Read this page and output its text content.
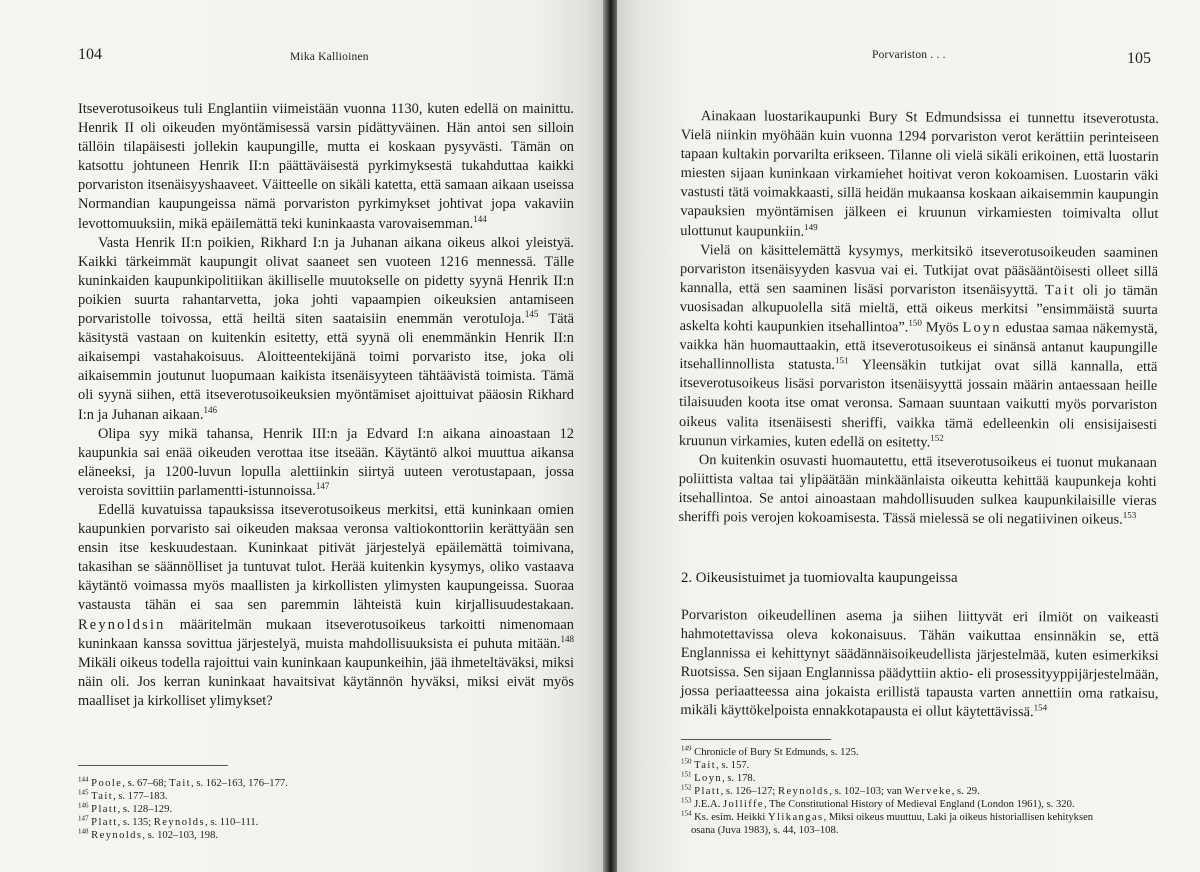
104	Mika Kallioinen

Itseverotusoikeus tuli Englantiin viimeistään vuonna 1130, kuten edellä on mainittu. Henrik II oli oikeuden myöntämisessä varsin pidättyväinen. Hän antoi sen silloin tällöin tilapäisesti jollekin kaupungille, mutta ei koskaan pysyvästi. Tämän on katsottu johtuneen Henrik II:n päättäväisestä pyrkimyksestä tukahduttaa kaikki porvariston itsenäisyyshaaveet. Väitteelle on sikäli katetta, että samaan aikaan useissa Normandian kaupungeissa nämä porvariston pyrkimykset johtivat jopa vakaviin levottomuuksiin, mikä epäilemättä teki kuninkaasta varovaisemman.$^{144}$

Vasta Henrik II:n poikien, Rikhard I:n ja Juhanan aikana oikeus alkoi yleistyä. Kaikki tärkeimmät kaupungit olivat saaneet sen vuoteen 1216 mennessä. Tälle kuninkaiden kaupunkipolitiikan äkilliselle muutokselle on pidetty syynä Henrik II:n poikien suurta rahantarvetta, joka johti vapaampien oikeuksien antamiseen porvaristolle toivossa, että heiltä siten saataisiin enemmän verotuloja.$^{145}$ Tätä käsitystä vastaan on kuitenkin esitetty, että syynä oli enemmänkin Henrik II:n aikaisempi vastahakoisuus. Aloitteentekijänä toimi porvaristo itse, joka oli aikaisemmin joutunut luopumaan kaikista itsenäisyyteen tähtäävistä toimista. Tämä oli syynä siihen, että itseverotusoikeuksien myöntämiset ajoittuivat pääosin Rikhard I:n ja Juhanan aikaan.$^{146}$

Olipa syy mikä tahansa, Henrik III:n ja Edvard I:n aikana ainoastaan 12 kaupunkia sai enää oikeuden verottaa itse itseään. Käytäntö alkoi muuttua aikansa eläneeksi, ja 1200-luvun lopulla alettiinkin siirtyä uuteen verotustapaan, jossa veroista sovittiin parlamentti-istunnoissa.$^{147}$

Edellä kuvatuissa tapauksissa itseverotusoikeus merkitsi, että kuninkaan omien kaupunkien porvaristo sai oikeuden maksaa veronsa valtiokonttoriin kerättyään sen ensin itse keskuudestaan. Kuninkaat pitivät järjestelyä epäilemättä toimivana, takasihan se säännölliset ja tuntuvat tulot. Herää kuitenkin kysymys, oliko vastaava käytäntö voimassa myös maallisten ja kirkollisten ylimysten kaupungeissa. Suoraa vastausta tähän ei saa sen paremmin lähteistä kuin kirjallisuudestakaan. Reynoldsin määritelmän mukaan itseverotusoikeus tarkoitti nimenomaan kuninkaan kanssa sovittua järjestelyä, muista mahdollisuuksista ei puhuta mitään.$^{148}$ Mikäli oikeus todella rajoittui vain kuninkaan kaupunkeihin, jää ihmeteltäväksi, miksi näin oli. Jos kerran kuninkaat havaitsivat käytännön hyväksi, miksi eivät myös maalliset ja kirkolliset ylimykset?

$^{144}$ Poole, s. 67–68; Tait, s. 162–163, 176–177.
$^{145}$ Tait, s. 177–183.
$^{146}$ Platt, s. 128–129.
$^{147}$ Platt, s. 135; Reynolds, s. 110–111.
$^{148}$ Reynolds, s. 102–103, 198.
Porvariston . . .	105

Ainakaan luostarikaupunki Bury St Edmundsissa ei tunnettu itseverotusta. Vielä niinkin myöhään kuin vuonna 1294 porvariston verot kerättiin perinteiseen tapaan kultakin porvarilta erikseen. Tilanne oli vielä sikäli erikoinen, että luostarin miesten sijaan kuninkaan virkamiehet hoitivat veron kokoamisen. Luostarin väki vastusti tätä voimakkaasti, sillä heidän mukaansa koskaan aikaisemmin kaupungin vapauksien myöntämisen jälkeen ei kruunun virkamiesten toimivalta ollut ulottunut kaupunkiin.$^{149}$

Vielä on käsittelemättä kysymys, merkitsikö itseverotusoikeuden saaminen porvariston itsenäisyyden kasvua vai ei. Tutkijat ovat pääsääntöisesti olleet sillä kannalla, että sen saaminen lisäsi porvariston itsenäisyyttä. Tait oli jo tämän vuosisadan alkupuolella sitä mieltä, että oikeus merkitsi ”ensimmäistä suurta askelta kohti kaupunkien itsehallintoa”.$^{150}$ Myös Loyn edustaa samaa näkemystä, vaikka hän huomauttaakin, että itseverotusoikeus ei sinänsä antanut kaupungille itsehallinnollista statusta.$^{151}$ Yleensäkin tutkijat ovat sillä kannalla, että itseverotusoikeus lisäsi porvariston itsenäisyyttä jossain määrin antaessaan heille tilaisuuden koota itse omat veronsa. Samaan suuntaan vaikutti myös porvariston oikeus valita itsenäisesti sheriffi, vaikka tämä edelleenkin oli ensisijaisesti kruunun virkamies, kuten edellä on esitetty.$^{152}$

On kuitenkin osuvasti huomautettu, että itseverotusoikeus ei tuonut mukanaan poliittista valtaa tai ylipäätään minkäänlaista oikeutta kehittää kaupunkeja kohti itsehallintoa. Se antoi ainoastaan mahdollisuuden sulkea kaupunkilaisille vieras sheriffi pois verojen kokoamisesta. Tässä mielessä se oli negatiivinen oikeus.$^{153}$

2. Oikeusistuimet ja tuomiovalta kaupungeissa

Porvariston oikeudellinen asema ja siihen liittyvät eri ilmiöt on vaikeasti hahmotettavissa oleva kokonaisuus. Tähän vaikuttaa ensinnäkin se, että Englannissa ei kehittynyt säädännäisoikeudellista järjestelmää, kuten esimerkiksi Ruotsissa. Sen sijaan Englannissa päädyttiin aktio- eli prosessityyppijärjestelmään, jossa periaatteessa aina jokaista erillistä tapausta varten annettiin oma ratkaisu, mikäli käyttökelpoista ennakkotapausta ei ollut käytettävissä.$^{154}$

$^{149}$ Chronicle of Bury St Edmunds, s. 125.
$^{150}$ Tait, s. 157.
$^{151}$ Loyn, s. 178.
$^{152}$ Platt, s. 126–127; Reynolds, s. 102–103; van Werveke, s. 29.
$^{153}$ J.E.A. Jolliffe, The Constitutional History of Medieval England (London 1961), s. 320.
$^{154}$ Ks. esim. Heikki Ylikangas, Miksi oikeus muuttuu, Laki ja oikeus historiallisen kehityksen
osana (Juva 1983), s. 44, 103–108.
